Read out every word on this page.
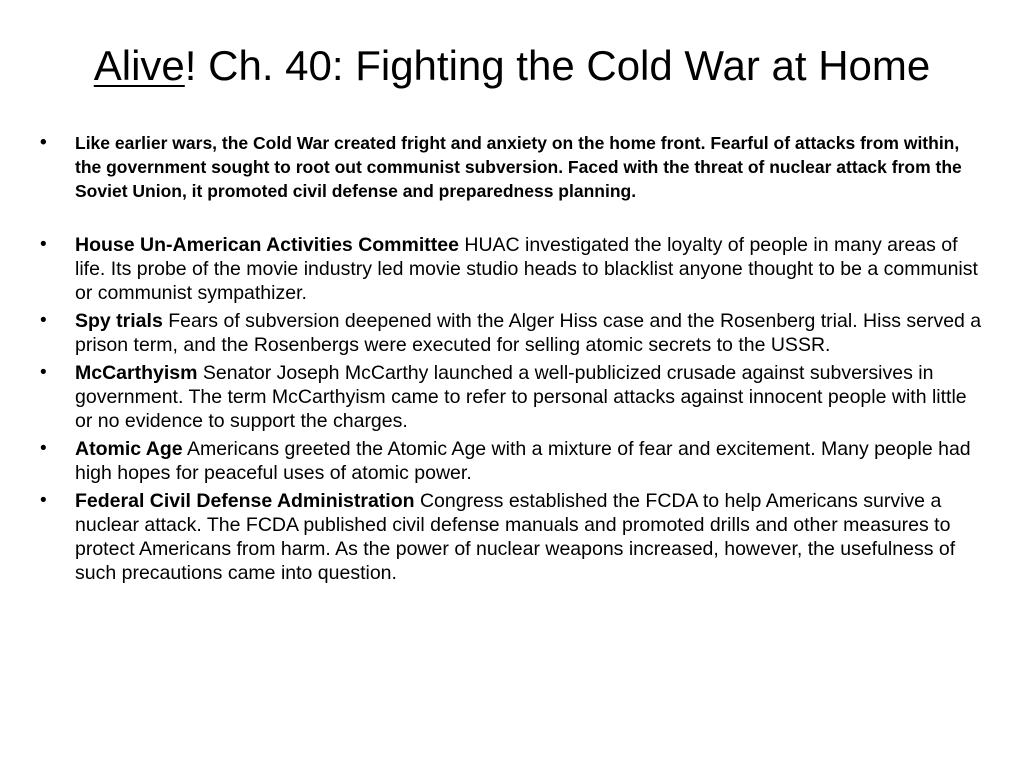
Alive! Ch. 40: Fighting the Cold War at Home

•	Like earlier wars, the Cold War created fright and anxiety on the home front. Fearful of attacks from within, the government sought to root out communist subversion. Faced with the threat of nuclear attack from the Soviet Union, it promoted civil defense and preparedness planning.

•	House Un-American Activities Committee HUAC investigated the loyalty of people in many areas of life. Its probe of the movie industry led movie studio heads to blacklist anyone thought to be a communist or communist sympathizer.

•	Spy trials Fears of subversion deepened with the Alger Hiss case and the Rosenberg trial. Hiss served a prison term, and the Rosenbergs were executed for selling atomic secrets to the USSR.

•	McCarthyism Senator Joseph McCarthy launched a well-publicized crusade against subversives in government. The term McCarthyism came to refer to personal attacks against innocent people with little or no evidence to support the charges.

•	Atomic Age Americans greeted the Atomic Age with a mixture of fear and excitement. Many people had high hopes for peaceful uses of atomic power.

•	Federal Civil Defense Administration Congress established the FCDA to help Americans survive a nuclear attack. The FCDA published civil defense manuals and promoted drills and other measures to protect Americans from harm. As the power of nuclear weapons increased, however, the usefulness of such precautions came into question.
